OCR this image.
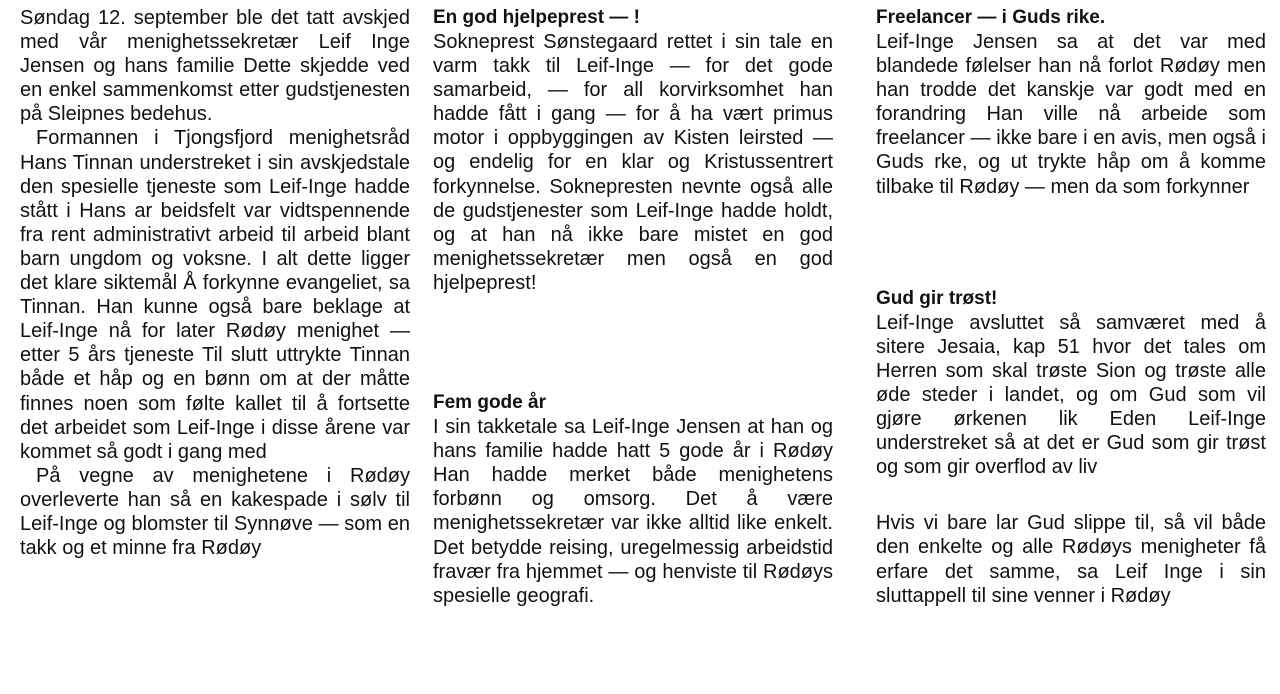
Søndag 12. september ble det tatt avskjed med vår menighetssekretær Leif Inge Jensen og hans familie Dette skjedde ved en enkel sammenkomst etter gudstjenesten på Sleipnes bedehus.

Formannen i Tjongsfjord menighetsråd Hans Tinnan understreket i sin avskjedstale den spesielle tjeneste som Leif-Inge hadde stått i Hans ar beidsfelt var vidtspennende fra rent administrativt arbeid til arbeid blant barn ungdom og voksne. I alt dette ligger det klare siktemål Å forkynne evangeliet, sa Tinnan. Han kunne også bare beklage at Leif-Inge nå for later Rødøy menighet — etter 5 års tjeneste Til slutt uttrykte Tinnan både et håp og en bønn om at der måtte finnes noen som følte kallet til å fortsette det arbeidet som Leif-Inge i disse årene var kommet så godt i gang med

På vegne av menighetene i Rødøy overleverte han så en kakespade i sølv til Leif-Inge og blomster til Synnøve — som en takk og et minne fra Rødøy

En god hjelpeprest — !

Sokneprest Sønstegaard rettet i sin tale en varm takk til Leif-Inge — for det gode samarbeid, — for all korvirksomhet han hadde fått i gang — for å ha vært primus motor i oppbyggingen av Kisten leirsted — og endelig for en klar og Kristussentrert forkynnelse. Soknepresten nevnte også alle de gudstjenester som Leif-Inge hadde holdt, og at han nå ikke bare mistet en god menighetssekretær men også en god hjelpeprest!

Fem gode år

I sin takketale sa Leif-Inge Jensen at han og hans familie hadde hatt 5 gode år i Rødøy Han hadde merket både menighetens forbønn og omsorg. Det å være menighetssekretær var ikke alltid like enkelt. Det betydde reising, uregelmessig arbeidstid fravær fra hjemmet — og henviste til Rødøys spesielle geografi.

Freelancer — i Guds rike.

Leif-Inge Jensen sa at det var med blandede følelser han nå forlot Rødøy men han trodde det kanskje var godt med en forandring Han ville nå arbeide som freelancer — ikke bare i en avis, men også i Guds rke, og ut trykte håp om å komme tilbake til Rødøy — men da som forkynner

Gud gir trøst!

Leif-Inge avsluttet så samværet med å sitere Jesaia, kap 51 hvor det tales om Herren som skal trøste Sion og trøste alle øde steder i landet, og om Gud som vil gjøre ørkenen lik Eden Leif-Inge understreket så at det er Gud som gir trøst og som gir overflod av liv

Hvis vi bare lar Gud slippe til, så vil både den enkelte og alle Rødøys menigheter få erfare det samme, sa Leif Inge i sin sluttappell til sine venner i Rødøy
